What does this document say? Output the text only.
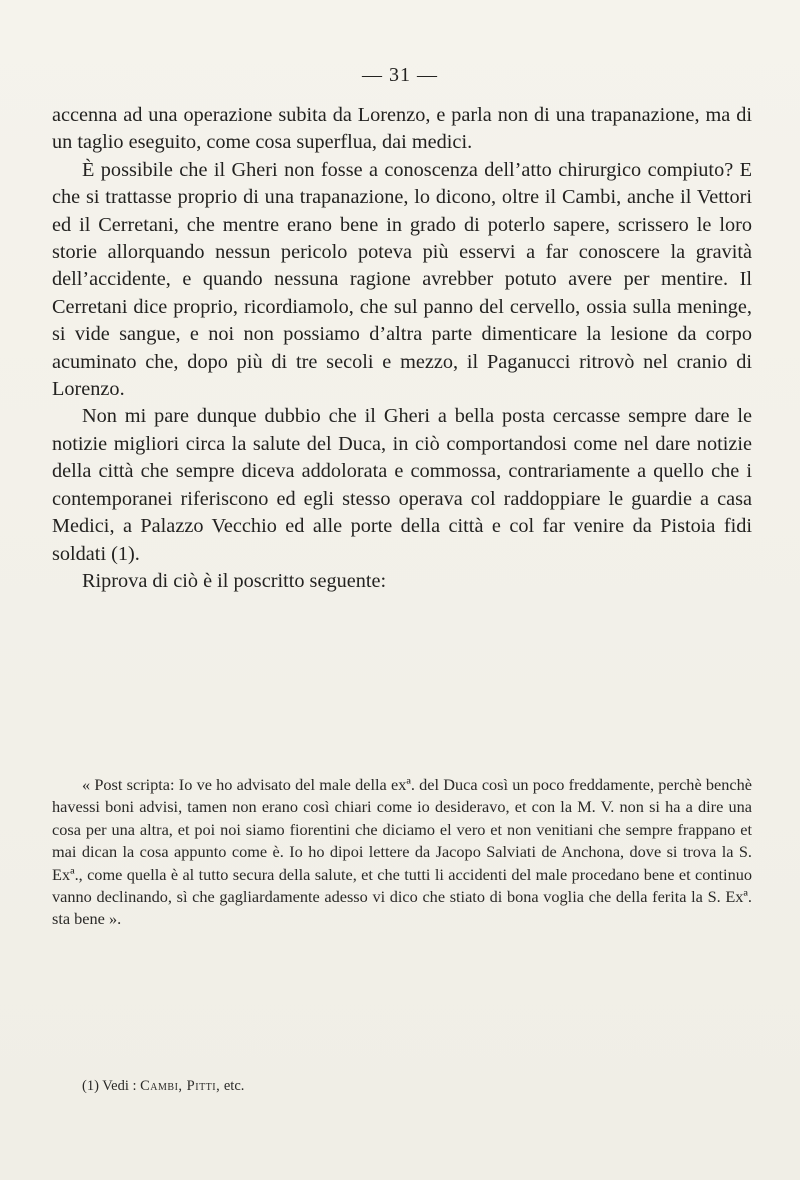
— 31 —

accenna ad una operazione subita da Lorenzo, e parla non di una trapanazione, ma di un taglio eseguito, come cosa superflua, dai medici.

È possibile che il Gheri non fosse a conoscenza dell’atto chirurgico compiuto? E che si trattasse proprio di una trapanazione, lo dicono, oltre il Cambi, anche il Vettori ed il Cerretani, che mentre erano bene in grado di poterlo sapere, scrissero le loro storie allorquando nessun pericolo poteva più esservi a far conoscere la gravità dell’accidente, e quando nessuna ragione avrebber potuto avere per mentire. Il Cerretani dice proprio, ricordiamolo, che sul panno del cervello, ossia sulla meninge, si vide sangue, e noi non possiamo d’altra parte dimenticare la lesione da corpo acuminato che, dopo più di tre secoli e mezzo, il Paganucci ritrovò nel cranio di Lorenzo.

Non mi pare dunque dubbio che il Gheri a bella posta cercasse sempre dare le notizie migliori circa la salute del Duca, in ciò comportandosi come nel dare notizie della città che sempre diceva addolorata e commossa, contrariamente a quello che i contemporanei riferiscono ed egli stesso operava col raddoppiare le guardie a casa Medici, a Palazzo Vecchio ed alle porte della città e col far venire da Pistoia fidi soldati (1).

Riprova di ciò è il poscritto seguente:

« Post scripta: Io ve ho advisato del male della exª. del Duca così un poco freddamente, perchè benchè havessi boni advisi, tamen non erano così chiari come io desideravo, et con la M. V. non si ha a dire una cosa per una altra, et poi noi siamo fiorentini che diciamo el vero et non venitiani che sempre frappano et mai dican la cosa appunto come è. Io ho dipoi lettere da Jacopo Salviati de Anchona, dove si trova la S. Exª., come quella è al tutto secura della salute, et che tutti li accidenti del male procedano bene et continuo vanno declinando, sì che gagliardamente adesso vi dico che stiato di bona voglia che della ferita la S. Exª. sta bene ».
(1) Vedi : Cambi, Pitti, etc.
